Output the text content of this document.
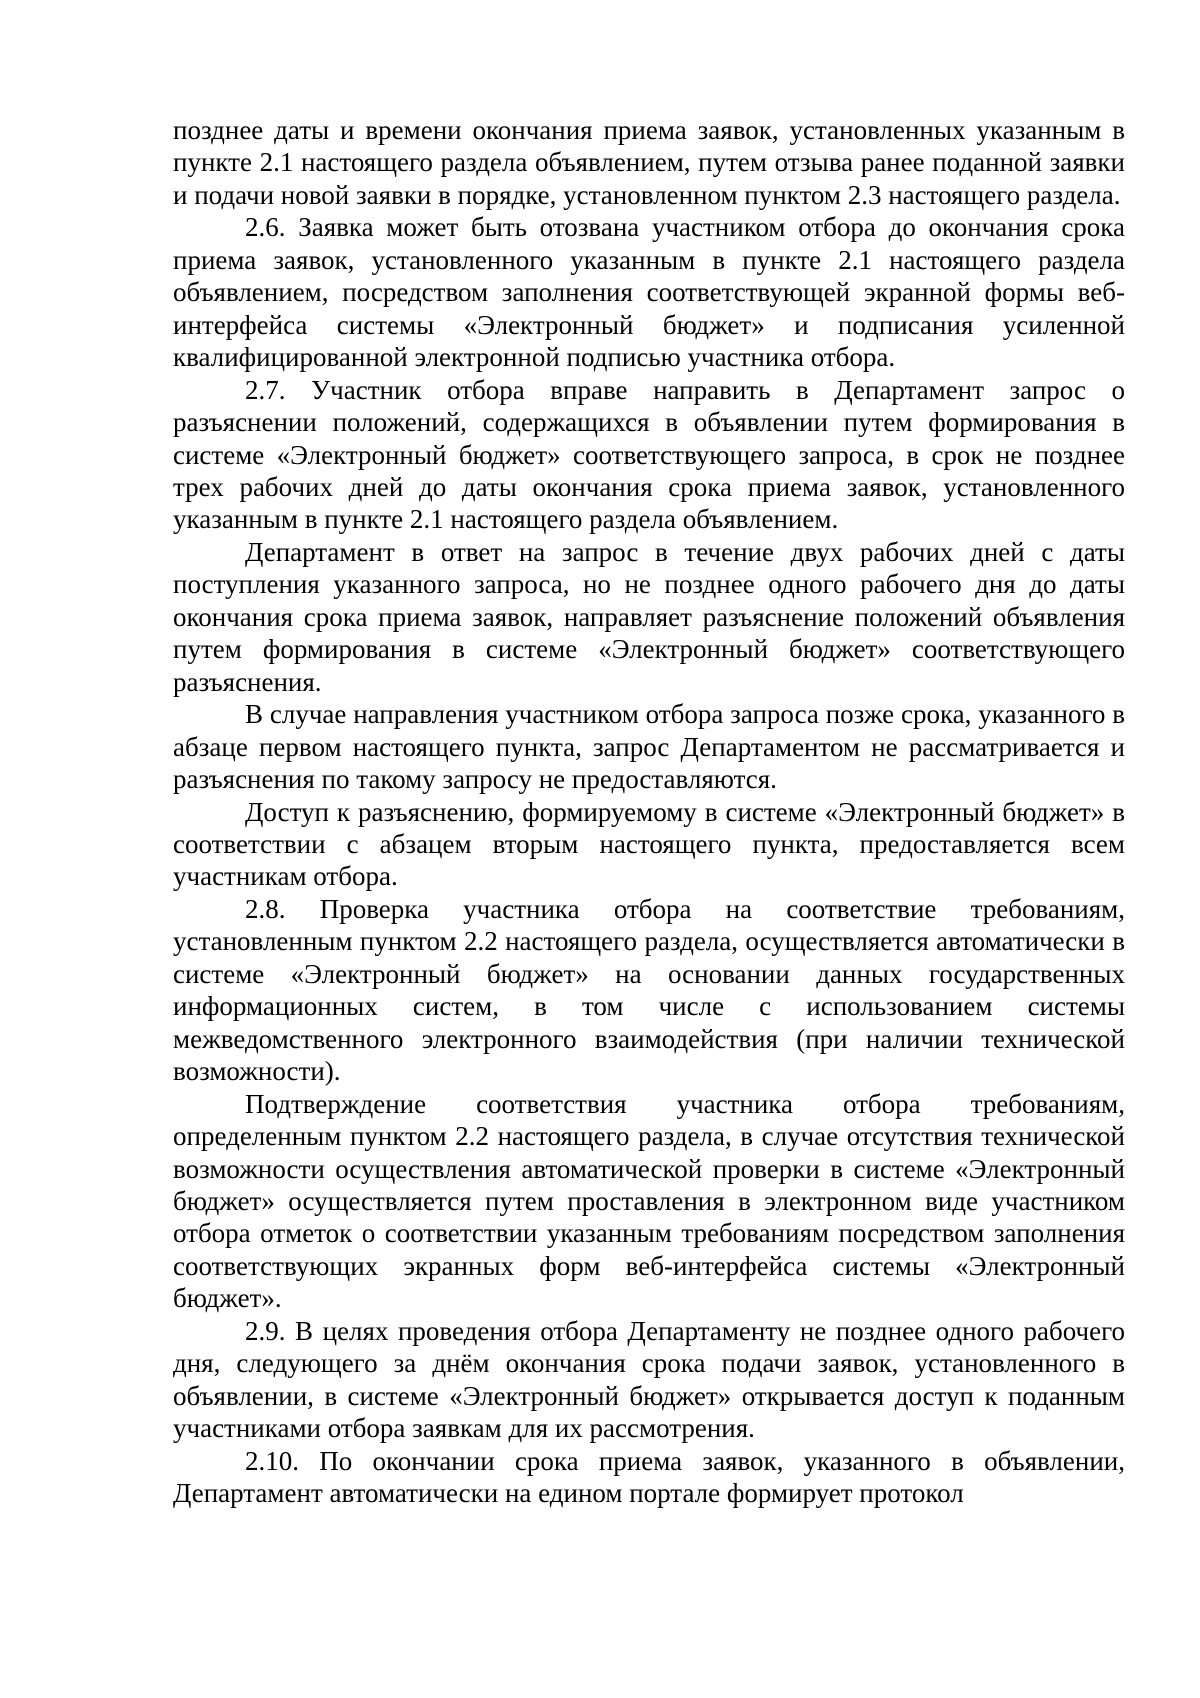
позднее даты и времени окончания приема заявок, установленных указанным в пункте 2.1 настоящего раздела объявлением, путем отзыва ранее поданной заявки и подачи новой заявки в порядке, установленном пунктом 2.3 настоящего раздела.

2.6. Заявка может быть отозвана участником отбора до окончания срока приема заявок, установленного указанным в пункте 2.1 настоящего раздела объявлением, посредством заполнения соответствующей экранной формы веб-интерфейса системы «Электронный бюджет» и подписания усиленной квалифицированной электронной подписью участника отбора.

2.7. Участник отбора вправе направить в Департамент запрос о разъяснении положений, содержащихся в объявлении путем формирования в системе «Электронный бюджет» соответствующего запроса, в срок не позднее трех рабочих дней до даты окончания срока приема заявок, установленного указанным в пункте 2.1 настоящего раздела объявлением.

Департамент в ответ на запрос в течение двух рабочих дней с даты поступления указанного запроса, но не позднее одного рабочего дня до даты окончания срока приема заявок, направляет разъяснение положений объявления путем формирования в системе «Электронный бюджет» соответствующего разъяснения.

В случае направления участником отбора запроса позже срока, указанного в абзаце первом настоящего пункта, запрос Департаментом не рассматривается и разъяснения по такому запросу не предоставляются.

Доступ к разъяснению, формируемому в системе «Электронный бюджет» в соответствии с абзацем вторым настоящего пункта, предоставляется всем участникам отбора.

2.8. Проверка участника отбора на соответствие требованиям, установленным пунктом 2.2 настоящего раздела, осуществляется автоматически в системе «Электронный бюджет» на основании данных государственных информационных систем, в том числе с использованием системы межведомственного электронного взаимодействия (при наличии технической возможности).

Подтверждение соответствия участника отбора требованиям, определенным пунктом 2.2 настоящего раздела, в случае отсутствия технической возможности осуществления автоматической проверки в системе «Электронный бюджет» осуществляется путем проставления в электронном виде участником отбора отметок о соответствии указанным требованиям посредством заполнения соответствующих экранных форм веб-интерфейса системы «Электронный бюджет».

2.9. В целях проведения отбора Департаменту не позднее одного рабочего дня, следующего за днём окончания срока подачи заявок, установленного в объявлении, в системе «Электронный бюджет» открывается доступ к поданным участниками отбора заявкам для их рассмотрения.

2.10. По окончании срока приема заявок, указанного в объявлении, Департамент автоматически на едином портале формирует протокол
